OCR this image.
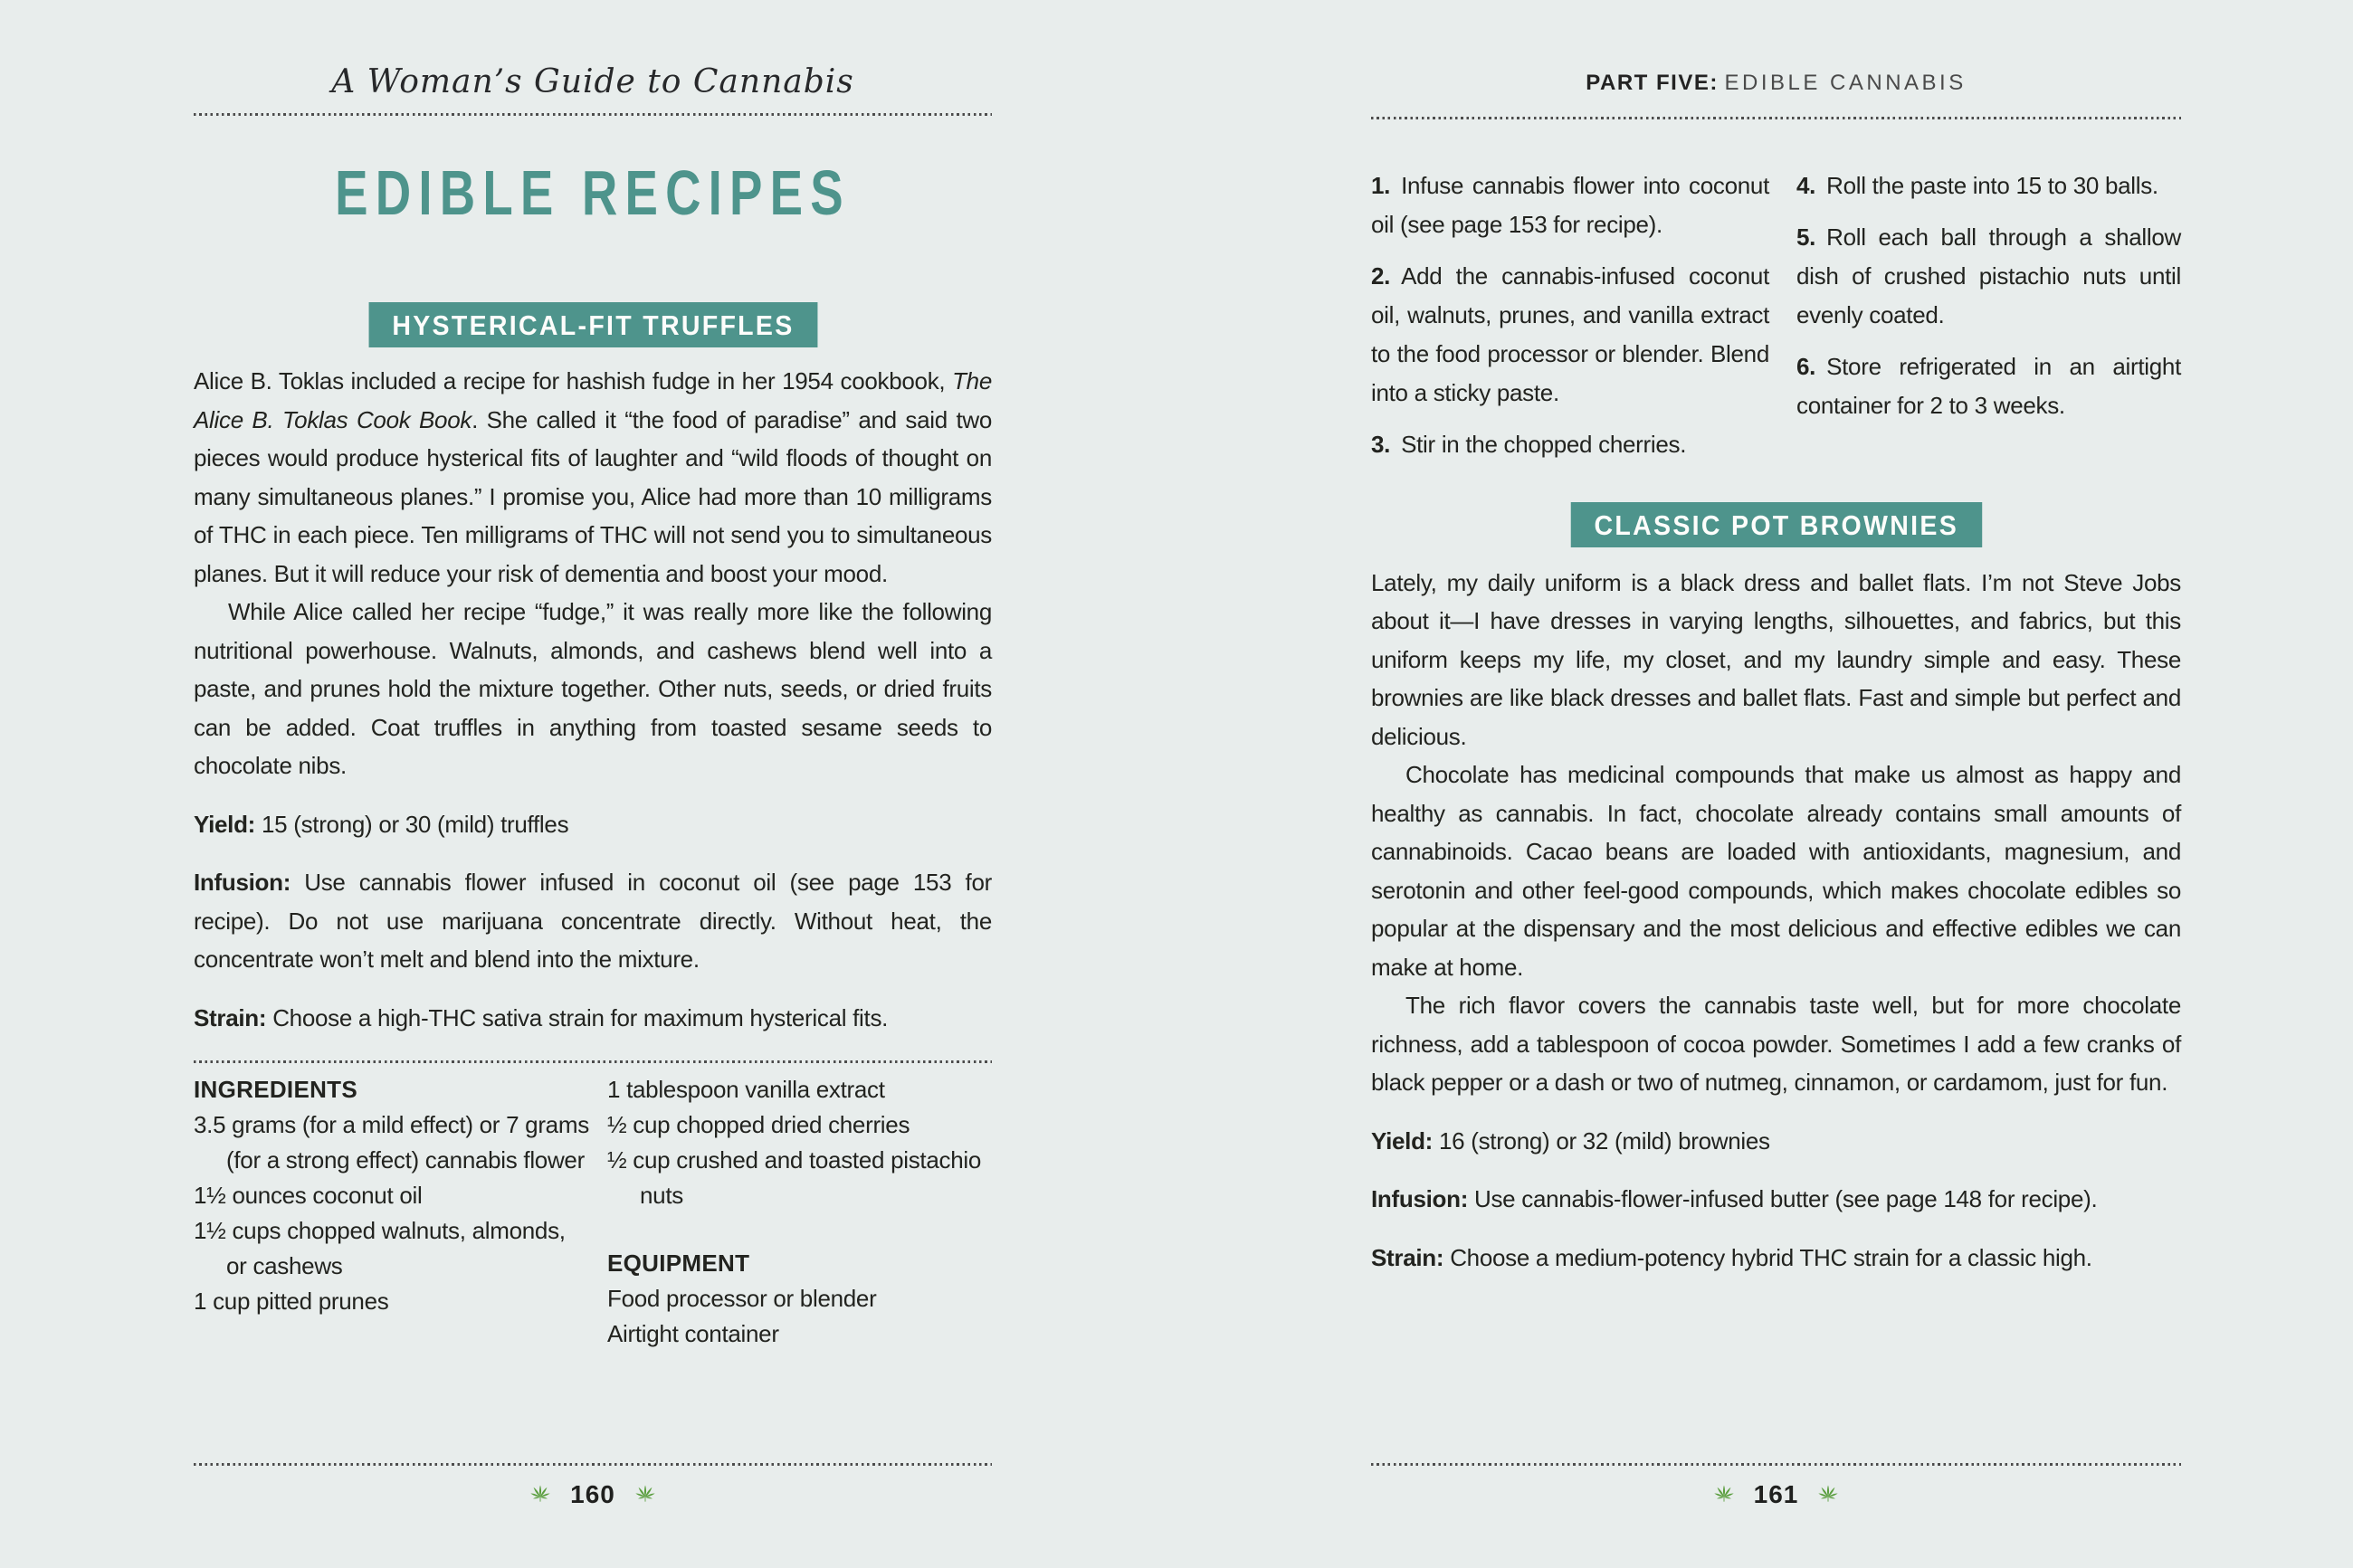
A Woman’s Guide to Cannabis
EDIBLE RECIPES
HYSTERICAL-FIT TRUFFLES

Alice B. Toklas included a recipe for hashish fudge in her 1954 cookbook, The Alice B. Toklas Cook Book. She called it “the food of paradise” and said two pieces would produce hysterical fits of laughter and “wild floods of thought on many simultaneous planes.” I promise you, Alice had more than 10 milligrams of THC in each piece. Ten milligrams of THC will not send you to simultaneous planes. But it will reduce your risk of dementia and boost your mood.

While Alice called her recipe “fudge,” it was really more like the following nutritional powerhouse. Walnuts, almonds, and cashews blend well into a paste, and prunes hold the mixture together. Other nuts, seeds, or dried fruits can be added. Coat truffles in anything from toasted sesame seeds to chocolate nibs.

Yield: 15 (strong) or 30 (mild) truffles

Infusion: Use cannabis flower infused in coconut oil (see page 153 for recipe). Do not use marijuana concentrate directly. Without heat, the concentrate won’t melt and blend into the mixture.

Strain: Choose a high-THC sativa strain for maximum hysterical fits.

INGREDIENTS
3.5 grams (for a mild effect) or 7 grams (for a strong effect) cannabis flower
1½ ounces coconut oil
1½ cups chopped walnuts, almonds, or cashews
1 cup pitted prunes
1 tablespoon vanilla extract
½ cup chopped dried cherries
½ cup crushed and toasted pistachio nuts
EQUIPMENT
Food processor or blender
Airtight container
160
PART FIVE: EDIBLE CANNABIS

1. Infuse cannabis flower into coconut oil (see page 153 for recipe).

2. Add the cannabis-infused coconut oil, walnuts, prunes, and vanilla extract to the food processor or blender. Blend into a sticky paste.

3. Stir in the chopped cherries.

4. Roll the paste into 15 to 30 balls.

5. Roll each ball through a shallow dish of crushed pistachio nuts until evenly coated.

6. Store refrigerated in an airtight container for 2 to 3 weeks.

CLASSIC POT BROWNIES

Lately, my daily uniform is a black dress and ballet flats. I’m not Steve Jobs about it—I have dresses in varying lengths, silhouettes, and fabrics, but this uniform keeps my life, my closet, and my laundry simple and easy. These brownies are like black dresses and ballet flats. Fast and simple but perfect and delicious.

Chocolate has medicinal compounds that make us almost as happy and healthy as cannabis. In fact, chocolate already contains small amounts of cannabinoids. Cacao beans are loaded with antioxidants, magnesium, and serotonin and other feel-good compounds, which makes chocolate edibles so popular at the dispensary and the most delicious and effective edibles we can make at home.

The rich flavor covers the cannabis taste well, but for more chocolate richness, add a tablespoon of cocoa powder. Sometimes I add a few cranks of black pepper or a dash or two of nutmeg, cinnamon, or cardamom, just for fun.

Yield: 16 (strong) or 32 (mild) brownies

Infusion: Use cannabis-flower-infused butter (see page 148 for recipe).

Strain: Choose a medium-potency hybrid THC strain for a classic high.

161
